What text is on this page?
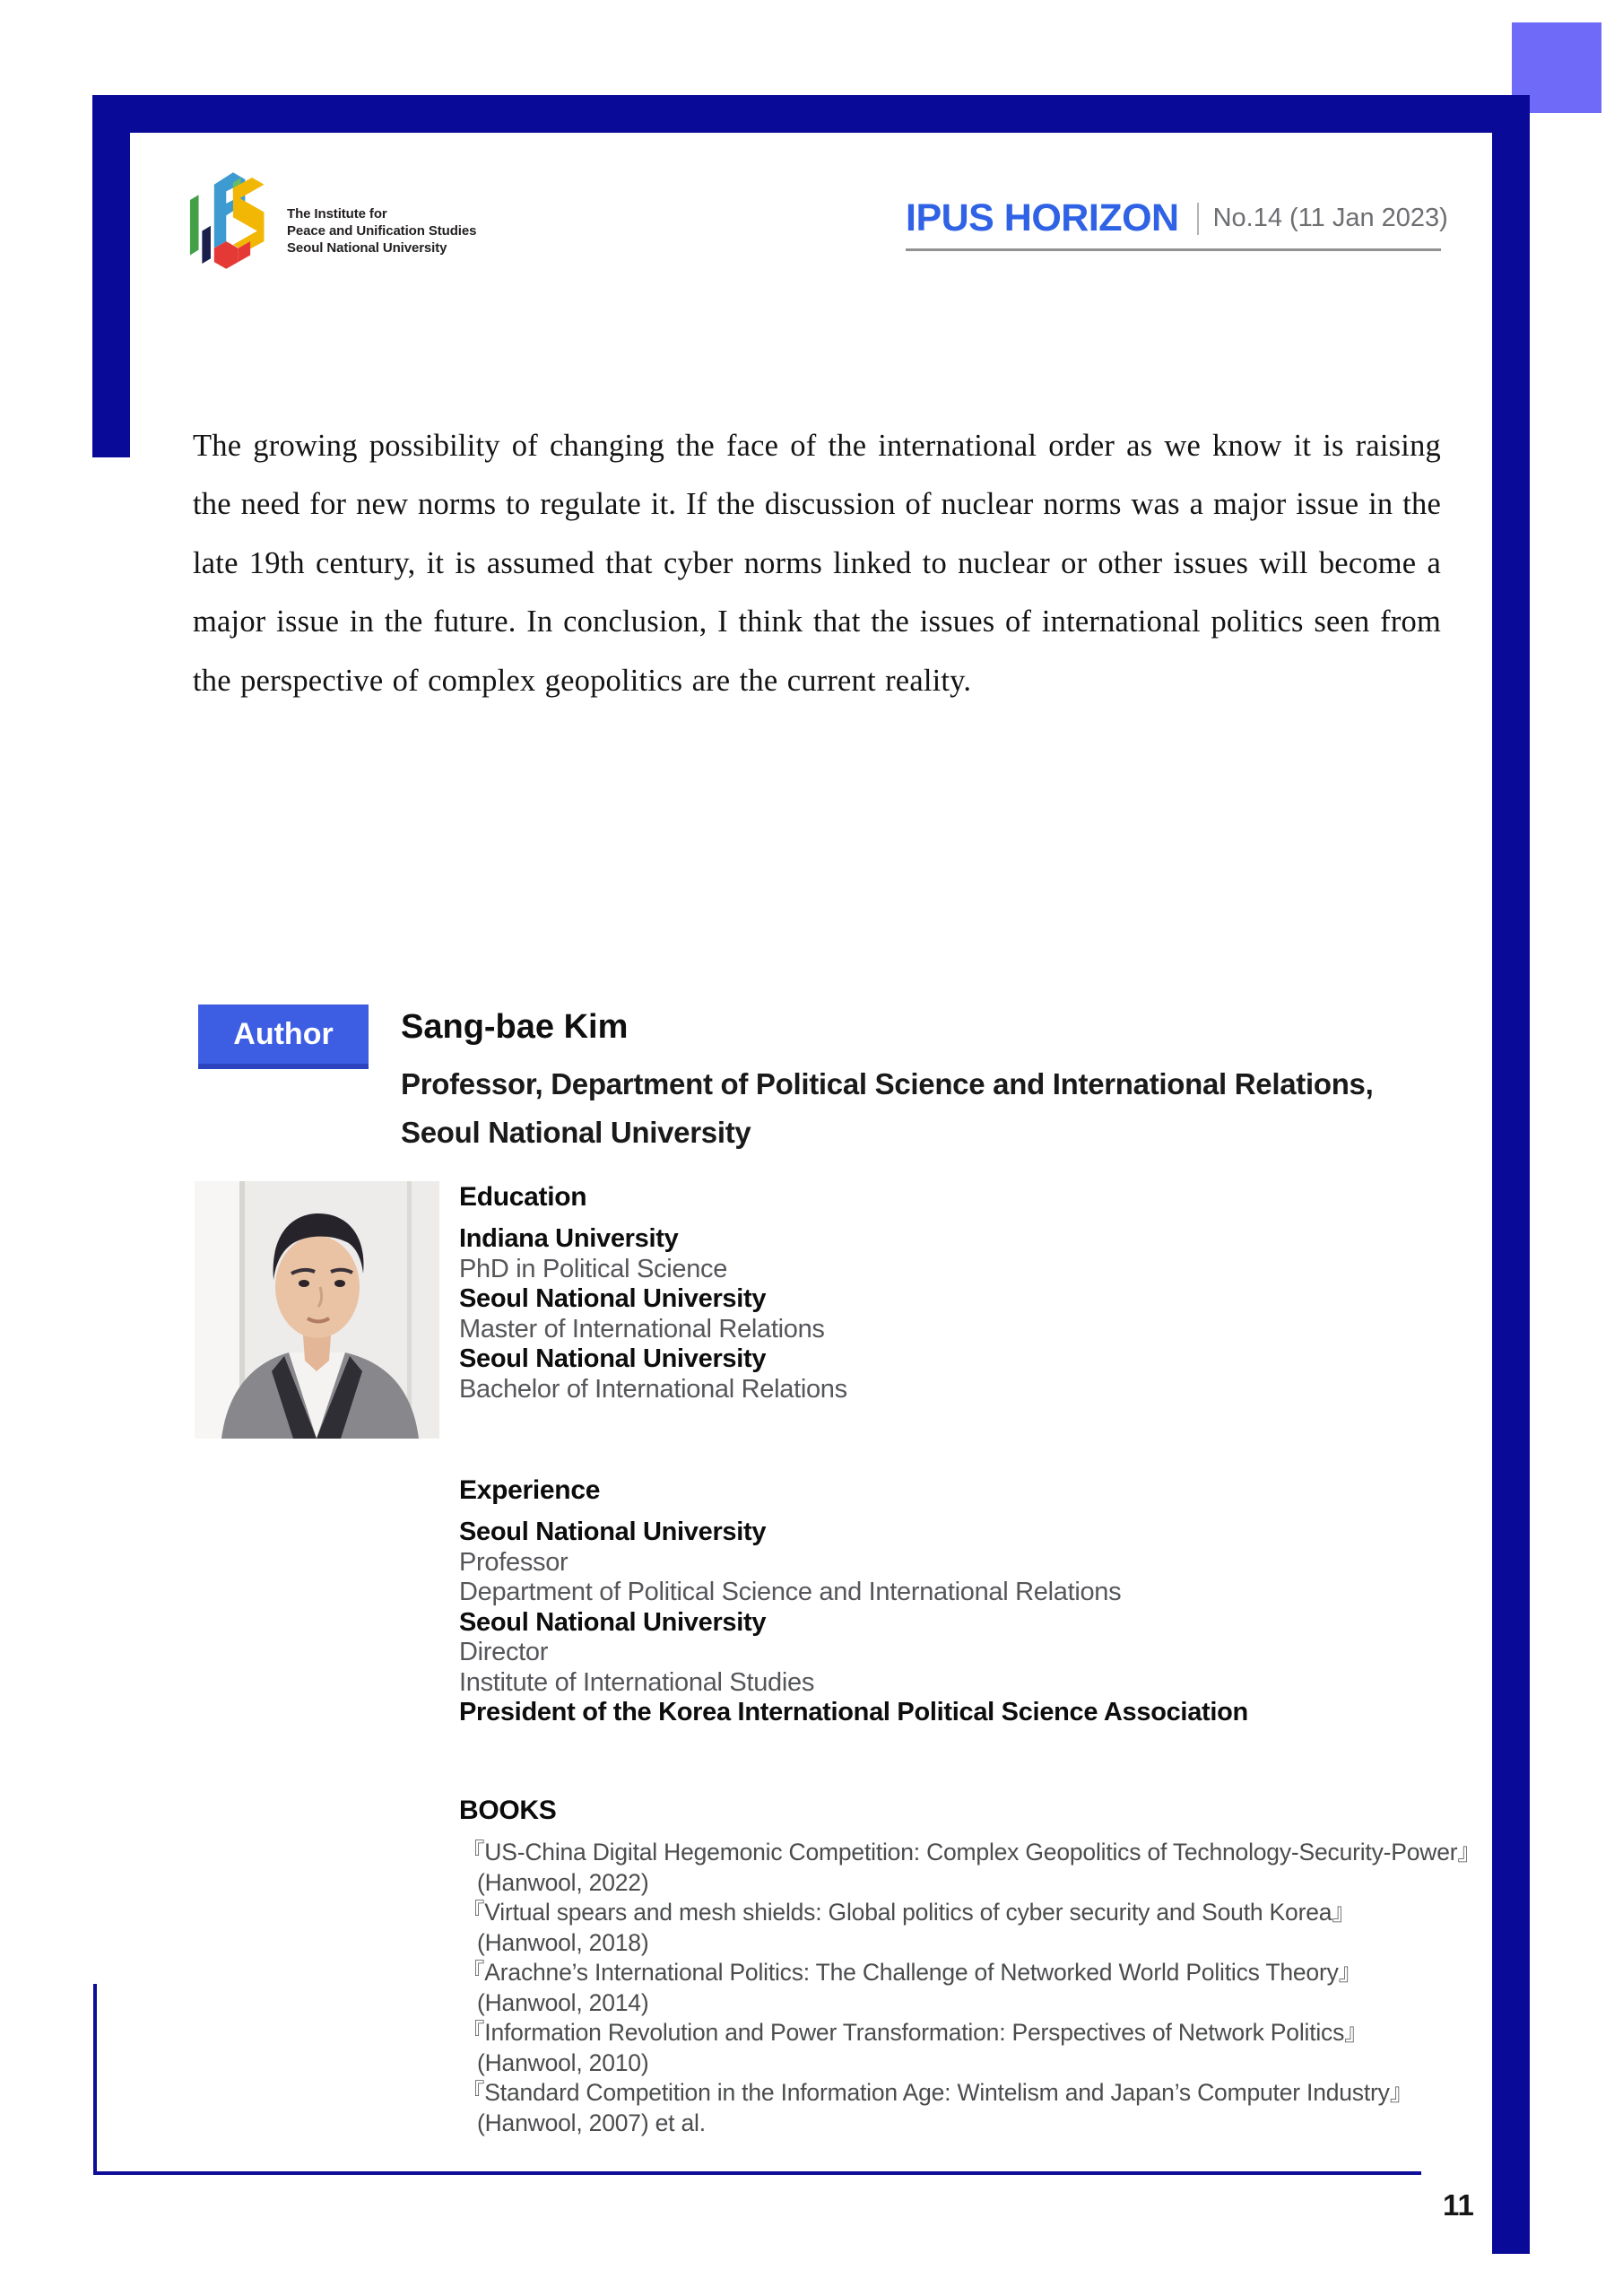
The Institute for
Peace and Unification Studies
Seoul National University
IPUS HORIZON No.14 (11 Jan 2023)

The growing possibility of changing the face of the international order as we know it is raising the need for new norms to regulate it. If the discussion of nuclear norms was a major issue in the late 19th century, it is assumed that cyber norms linked to nuclear or other issues will become a major issue in the future. In conclusion, I think that the issues of international politics seen from the perspective of complex geopolitics are the current reality.

Author	Sang-bae Kim
Professor, Department of Political Science and International Relations,
Seoul National University
Education
Indiana University
PhD in Political Science
Seoul National University
Master of International Relations
Seoul National University
Bachelor of International Relations
Experience
Seoul National University
Professor
Department of Political Science and International Relations
Seoul National University
Director
Institute of International Studies
President of the Korea International Political Science Association
BOOKS
『US-China Digital Hegemonic Competition: Complex Geopolitics of Technology-Security-Power』
(Hanwool, 2022)
『Virtual spears and mesh shields: Global politics of cyber security and South Korea』
(Hanwool, 2018)
『Arachne’s International Politics: The Challenge of Networked World Politics Theory』
(Hanwool, 2014)
『Information Revolution and Power Transformation: Perspectives of Network Politics』
(Hanwool, 2010)
『Standard Competition in the Information Age: Wintelism and Japan’s Computer Industry』
(Hanwool, 2007) et al.
11
